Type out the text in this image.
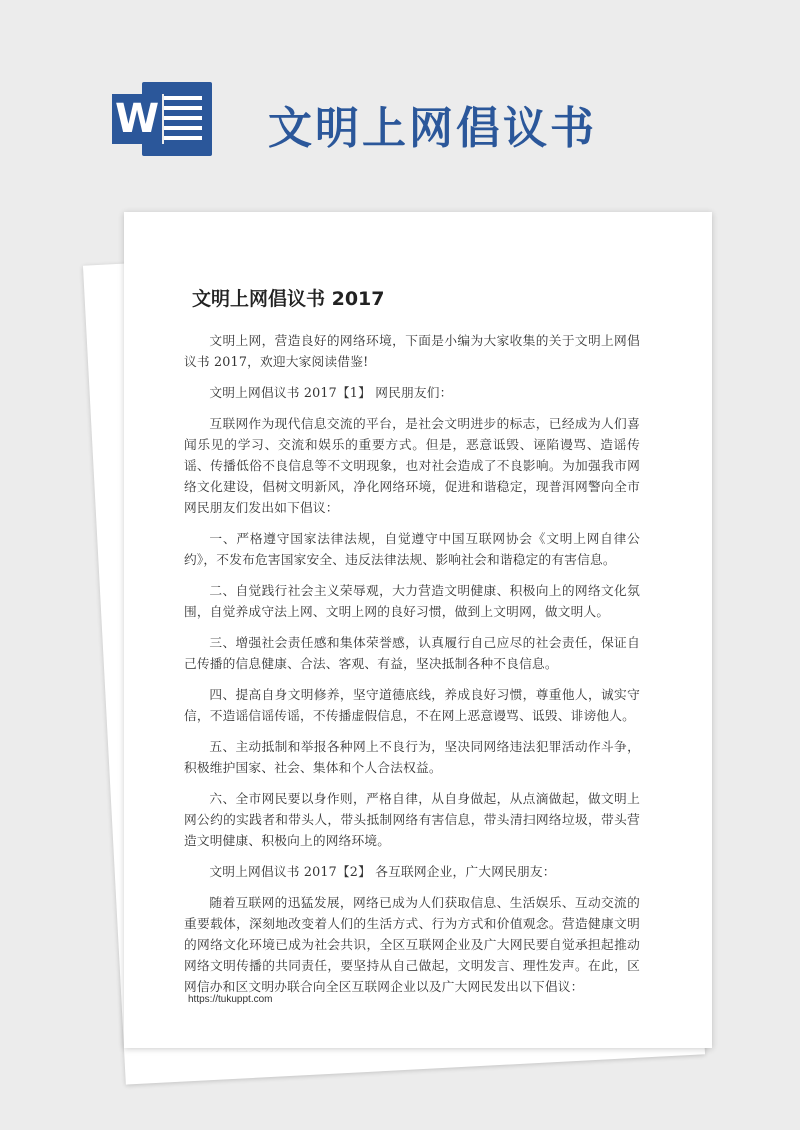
W 文明上网倡议书
文明上网倡议书 2017

文明上网，营造良好的网络环境，下面是小编为大家收集的关于文明上网倡议书 2017，欢迎大家阅读借鉴!

文明上网倡议书 2017【1】 网民朋友们：

互联网作为现代信息交流的平台，是社会文明进步的标志，已经成为人们喜闻乐见的学习、交流和娱乐的重要方式。但是，恶意诋毁、诬陷谩骂、造谣传谣、传播低俗不良信息等不文明现象，也对社会造成了不良影响。为加强我市网络文化建设，倡树文明新风，净化网络环境，促进和谐稳定，现普洱网警向全市网民朋友们发出如下倡议：

一、严格遵守国家法律法规，自觉遵守中国互联网协会《文明上网自律公约》，不发布危害国家安全、违反法律法规、影响社会和谐稳定的有害信息。

二、自觉践行社会主义荣辱观，大力营造文明健康、积极向上的网络文化氛围，自觉养成守法上网、文明上网的良好习惯，做到上文明网，做文明人。

三、增强社会责任感和集体荣誉感，认真履行自己应尽的社会责任，保证自己传播的信息健康、合法、客观、有益，坚决抵制各种不良信息。

四、提高自身文明修养，坚守道德底线，养成良好习惯，尊重他人，诚实守信，不造谣信谣传谣，不传播虚假信息，不在网上恶意谩骂、诋毁、诽谤他人。

五、主动抵制和举报各种网上不良行为，坚决同网络违法犯罪活动作斗争，积极维护国家、社会、集体和个人合法权益。

六、全市网民要以身作则，严格自律，从自身做起，从点滴做起，做文明上网公约的实践者和带头人，带头抵制网络有害信息，带头清扫网络垃圾，带头营造文明健康、积极向上的网络环境。

文明上网倡议书 2017【2】 各互联网企业，广大网民朋友：

随着互联网的迅猛发展，网络已成为人们获取信息、生活娱乐、互动交流的重要载体，深刻地改变着人们的生活方式、行为方式和价值观念。营造健康文明的网络文化环境已成为社会共识，全区互联网企业及广大网民要自觉承担起推动网络文明传播的共同责任，要坚持从自己做起，文明发言、理性发声。在此，区网信办和区文明办联合向全区互联网企业以及广大网民发出以下倡议：

https://tukuppt.com
